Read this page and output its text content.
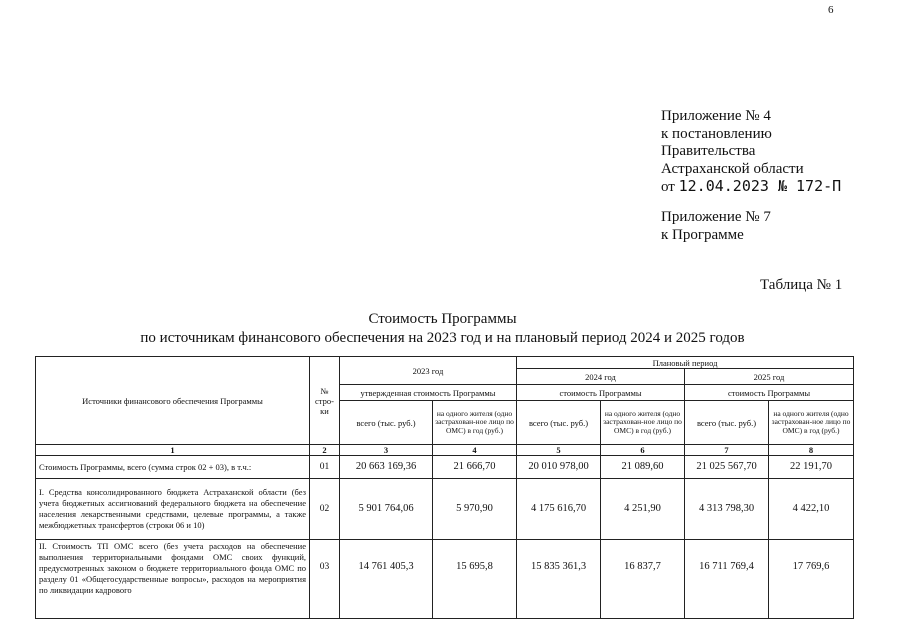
6
Приложение № 4
к постановлению
Правительства
Астраханской области
от 12.04.2023 № 172-П
Приложение № 7
к Программе
Таблица № 1
Стоимость Программы
по источникам финансового обеспечения на 2023 год и на плановый период 2024 и 2025 годов
Источники финансового обеспечения Программы	№ стро-ки	2023 год		Плановый период			
				2024 год		2025 год	
		утвержденная стоимость Программы		стоимость Программы		стоимость Программы	
		всего (тыс. руб.)	на одного жителя (одно застрахован-ное лицо по ОМС) в год (руб.)	всего (тыс. руб.)	на одного жителя (одно застрахован-ное лицо по ОМС) в год (руб.)	всего (тыс. руб.)	на одного жителя (одно застрахован-ное лицо по ОМС) в год (руб.)
1	2	3	4	5	6	7	8
Стоимость Программы, всего (сумма строк 02 + 03), в т.ч.:	01	20 663 169,36	21 666,70	20 010 978,00	21 089,60	21 025 567,70	22 191,70
I. Средства консолидированного бюджета Астраханской области (без учета бюджетных ассигнований федерального бюджета на обеспечение населения лекарственными средствами, целевые программы, а также межбюджетных трансфертов (строки 06 и 10)	02	5 901 764,06	5 970,90	4 175 616,70	4 251,90	4 313 798,30	4 422,10
II. Стоимость ТП ОМС всего (без учета расходов на обеспечение выполнения территориальными фондами ОМС своих функций, предусмотренных законом о бюджете территориального фонда ОМС по разделу 01 «Общегосударственные вопросы», расходов на мероприятия по ликвидации кадрового	03	14 761 405,3	15 695,8	15 835 361,3	16 837,7	16 711 769,4	17 769,6
